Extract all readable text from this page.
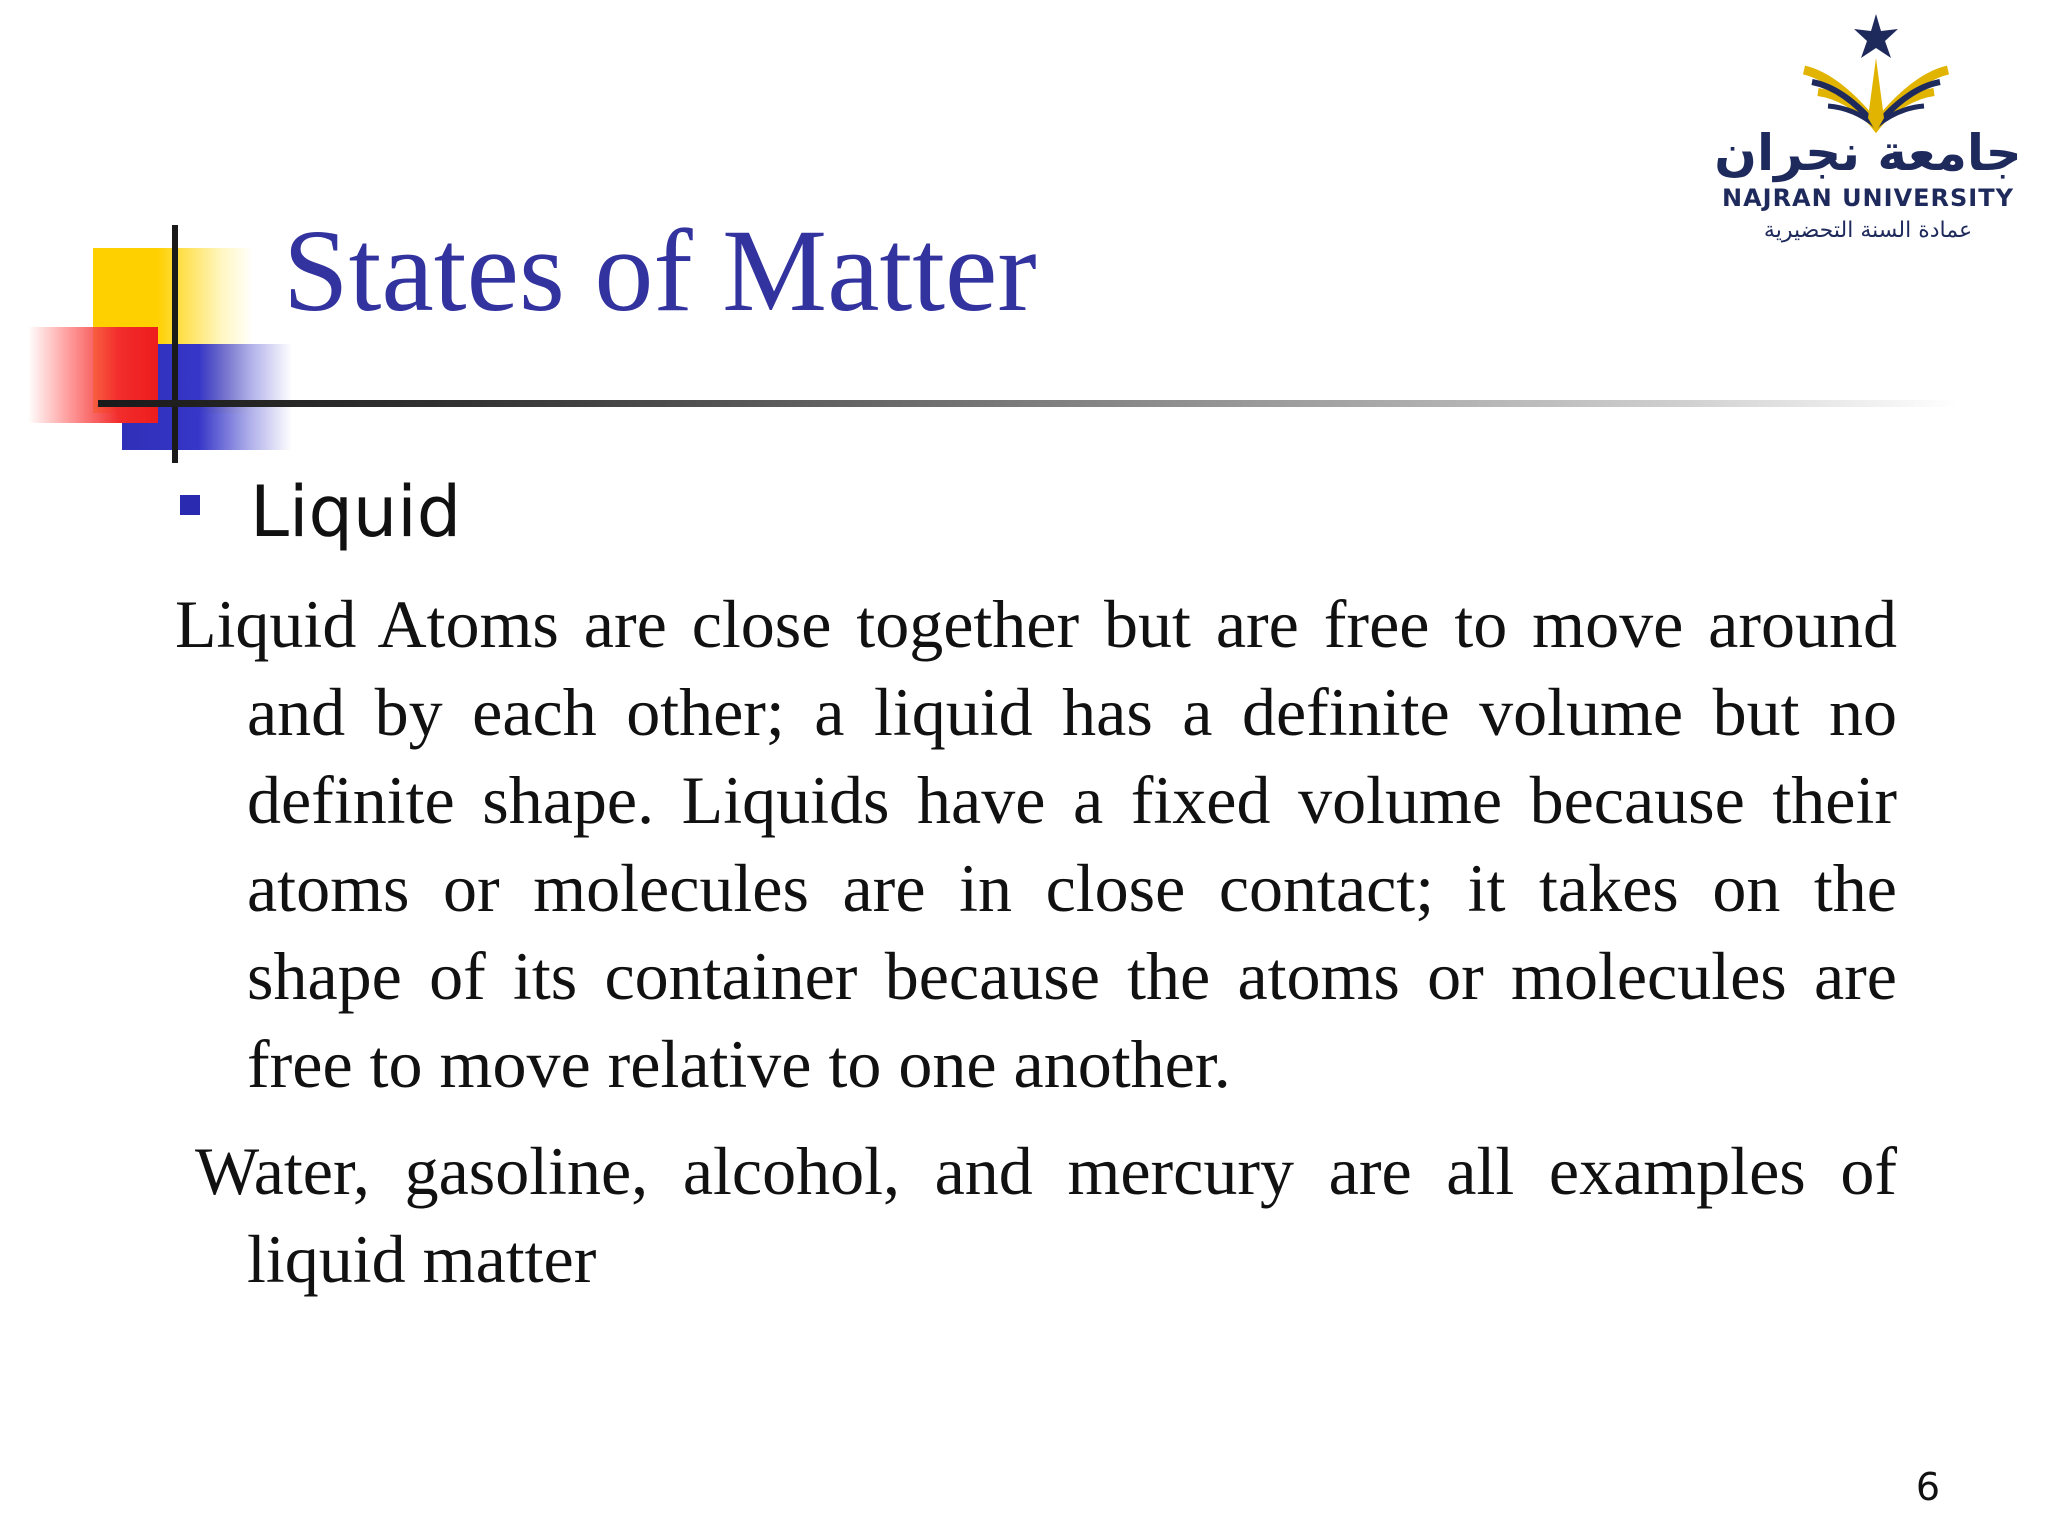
States of Matter
جامعة نجران
NAJRAN UNIVERSITY
عمادة السنة التحضيرية
Liquid

Liquid Atoms are close together but are free to move around and by each other; a liquid has a definite volume but no definite shape. Liquids have a fixed volume because their atoms or molecules are in close contact; it takes on the shape of its container because the atoms or molecules are free to move relative to one another.

Water, gasoline, alcohol, and mercury are all examples of liquid matter

6
